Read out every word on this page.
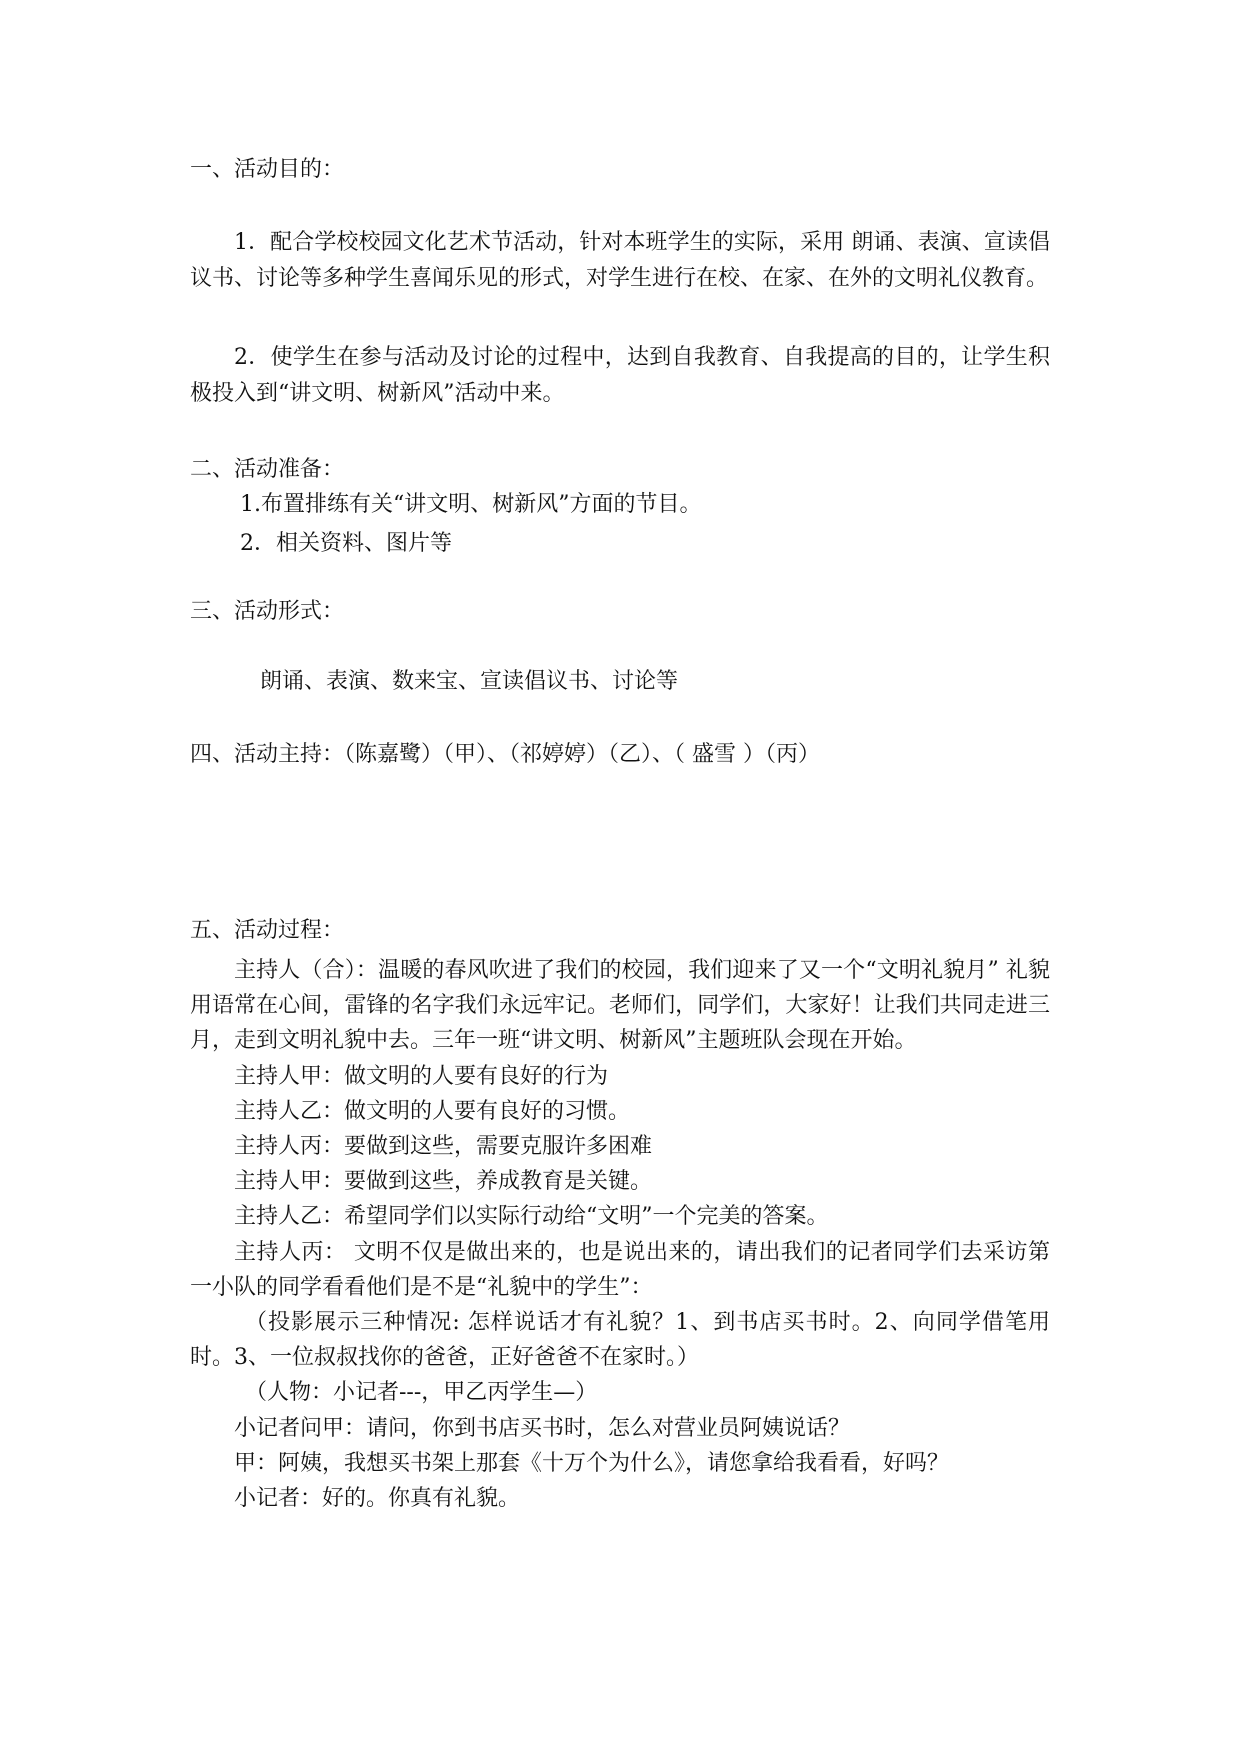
一、活动目的：
1．配合学校校园文化艺术节活动，针对本班学生的实际，采用 朗诵、表演、宣读倡议书、讨论等多种学生喜闻乐见的形式，对学生进行在校、在家、在外的文明礼仪教育。
2．使学生在参与活动及讨论的过程中，达到自我教育、自我提高的目的，让学生积极投入到“讲文明、树新风”活动中来。
二、活动准备：
1.布置排练有关“讲文明、树新风”方面的节目。
2．相关资料、图片等
三、活动形式：
朗诵、表演、数来宝、宣读倡议书、讨论等
四、活动主持：（陈嘉鹭）（甲）、（祁婷婷）（乙）、（ 盛雪 ）（丙）
五、活动过程：
主持人（合）：温暖的春风吹进了我们的校园，我们迎来了又一个“文明礼貌月” 礼貌用语常在心间，雷锋的名字我们永远牢记。老师们，同学们，大家好！让我们共同走进三月，走到文明礼貌中去。三年一班“讲文明、树新风”主题班队会现在开始。
主持人甲：做文明的人要有良好的行为
主持人乙：做文明的人要有良好的习惯。
主持人丙：要做到这些，需要克服许多困难
主持人甲：要做到这些，养成教育是关键。
主持人乙：希望同学们以实际行动给“文明”一个完美的答案。
主持人丙： 文明不仅是做出来的，也是说出来的，请出我们的记者同学们去采访第一小队的同学看看他们是不是“礼貌中的学生”：
（投影展示三种情况: 怎样说话才有礼貌？1、到书店买书时。2、向同学借笔用时。3、一位叔叔找你的爸爸，正好爸爸不在家时。）
（人物：小记者---，甲乙丙学生—）
小记者问甲：请问，你到书店买书时，怎么对营业员阿姨说话？
甲：阿姨，我想买书架上那套《十万个为什么》，请您拿给我看看，好吗？
小记者：好的。你真有礼貌。
